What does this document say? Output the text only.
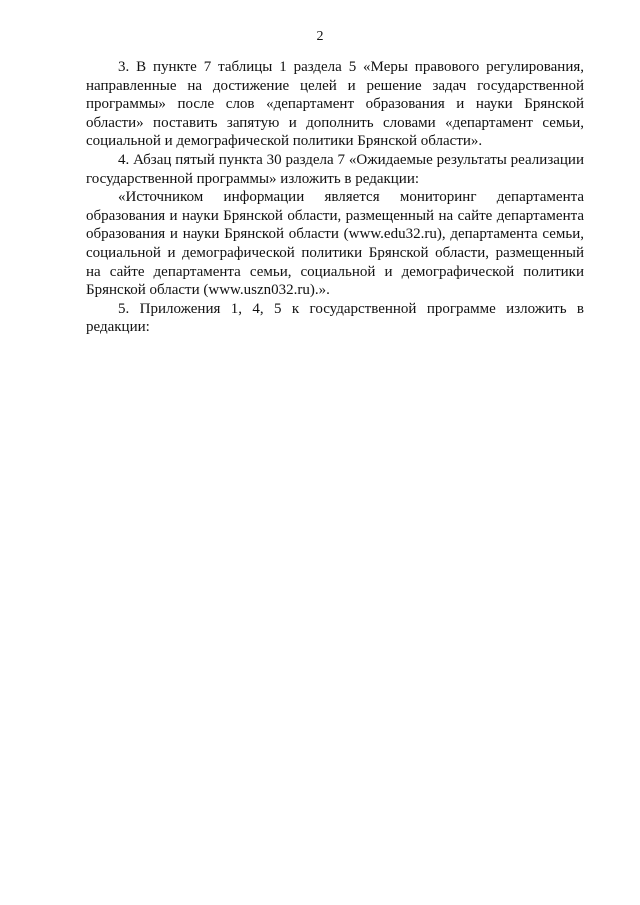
2

3. В пункте 7 таблицы 1 раздела 5 «Меры правового регулирования, направленные на достижение целей и решение задач государственной программы» после слов «департамент образования и науки Брянской области» поставить запятую и дополнить словами «департамент семьи, социальной и демографической политики Брянской области».

4. Абзац пятый пункта 30 раздела 7 «Ожидаемые результаты реализации государственной программы» изложить в редакции:

«Источником информации является мониторинг департамента образования и науки Брянской области, размещенный на сайте департамента образования и науки Брянской области (www.edu32.ru), департамента семьи, социальной и демографической политики Брянской области, размещенный на сайте департамента семьи, социальной и демографической политики Брянской области (www.uszn032.ru).».

5. Приложения 1, 4, 5 к государственной программе изложить в редакции:
